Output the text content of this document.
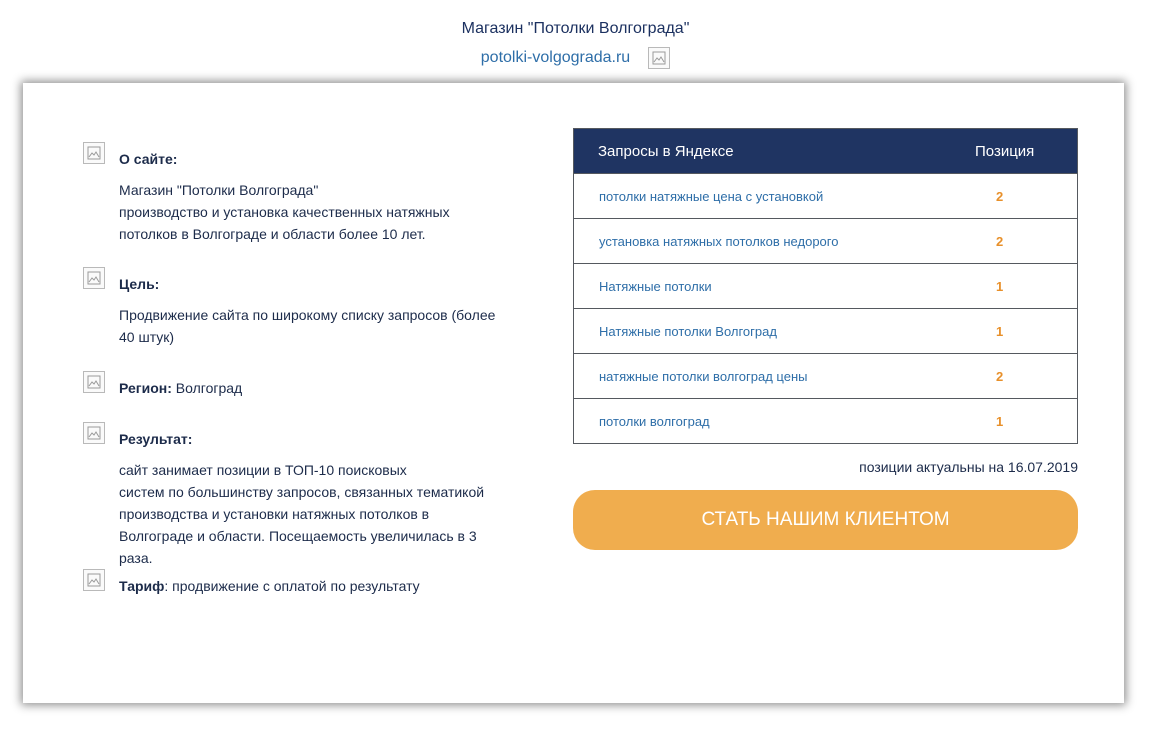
Магазин "Потолки Волгограда"
potolki-volgograda.ru
О сайте:

Магазин "Потолки Волгограда"

производство и установка качественных натяжных потолков в Волгограде и области более 10 лет.

Цель:

Продвижение сайта по широкому списку запросов (более 40 штук)

Регион: Волгоград
Результат:

сайт занимает позиции в ТОП-10 поисковых

систем по большинству запросов, связанных тематикой производства и установки натяжных потолков в Волгограде и области. Посещаемость увеличилась в 3 раза.

Тариф: продвижение с оплатой по результату
Запросы в Яндексе	Позиция
потолки натяжные цена с установкой	2
установка натяжных потолков недорого	2
Натяжные потолки	1
Натяжные потолки Волгоград	1
натяжные потолки волгоград цены	2
потолки волгоград	1
позиции актуальны на 16.07.2019
СТАТЬ НАШИМ КЛИЕНТОМ
